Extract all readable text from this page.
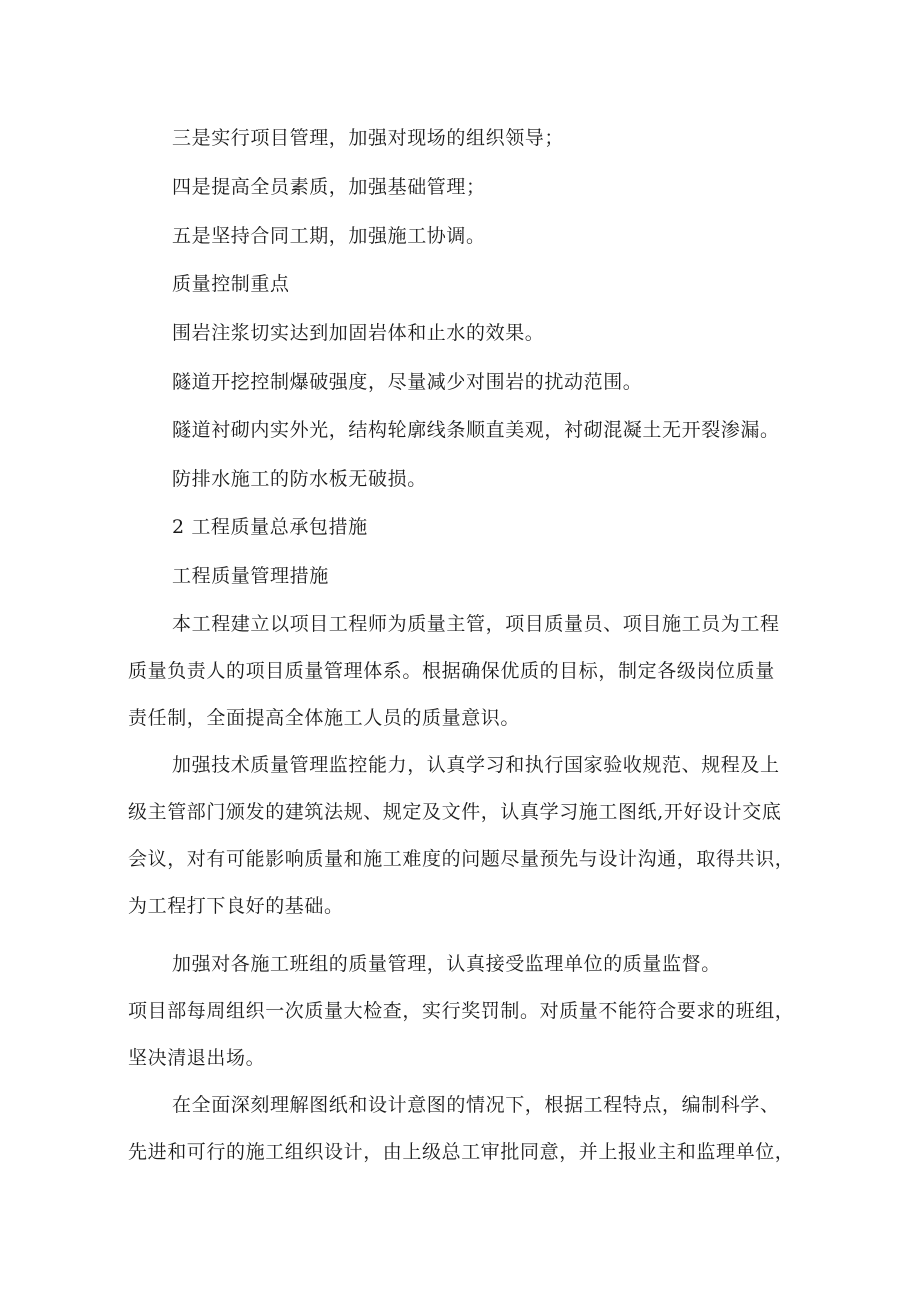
三是实行项目管理，加强对现场的组织领导；
四是提高全员素质，加强基础管理；
五是坚持合同工期，加强施工协调。
质量控制重点
围岩注浆切实达到加固岩体和止水的效果。
隧道开挖控制爆破强度，尽量减少对围岩的扰动范围。
隧道衬砌内实外光，结构轮廓线条顺直美观，衬砌混凝土无开裂渗漏。
防排水施工的防水板无破损。
2 工程质量总承包措施
工程质量管理措施
本工程建立以项目工程师为质量主管，项目质量员、项目施工员为工程
质量负责人的项目质量管理体系。根据确保优质的目标，制定各级岗位质量
责任制，全面提高全体施工人员的质量意识。
加强技术质量管理监控能力，认真学习和执行国家验收规范、规程及上
级主管部门颁发的建筑法规、规定及文件，认真学习施工图纸,开好设计交底
会议，对有可能影响质量和施工难度的问题尽量预先与设计沟通，取得共识，
为工程打下良好的基础。
加强对各施工班组的质量管理，认真接受监理单位的质量监督。
项目部每周组织一次质量大检查，实行奖罚制。对质量不能符合要求的班组，
坚决清退出场。
在全面深刻理解图纸和设计意图的情况下，根据工程特点，编制科学、
先进和可行的施工组织设计，由上级总工审批同意，并上报业主和监理单位，
